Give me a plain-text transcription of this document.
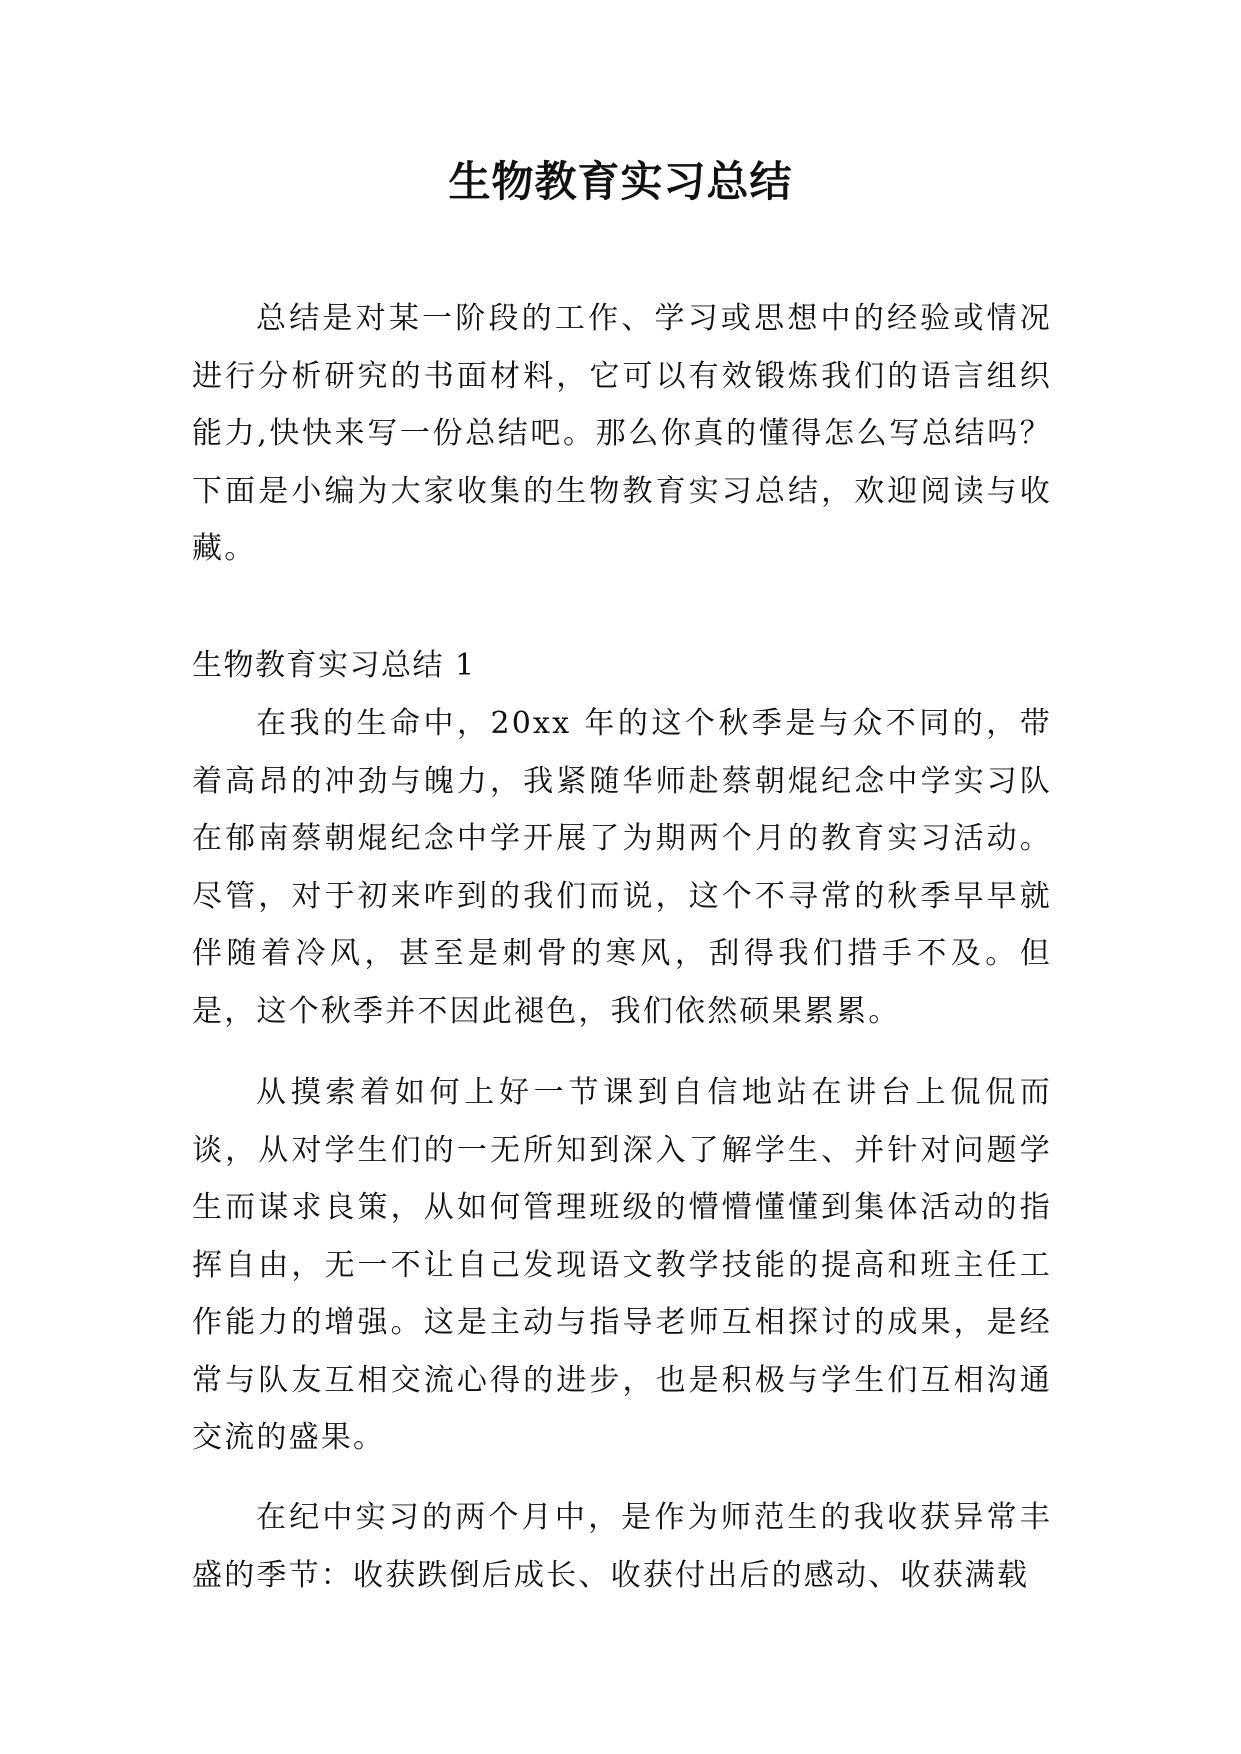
生物教育实习总结

总结是对某一阶段的工作、学习或思想中的经验或情况进行分析研究的书面材料，它可以有效锻炼我们的语言组织能力,快快来写一份总结吧。那么你真的懂得怎么写总结吗？下面是小编为大家收集的生物教育实习总结，欢迎阅读与收藏。

生物教育实习总结 1

在我的生命中，20xx 年的这个秋季是与众不同的，带着高昂的冲劲与魄力，我紧随华师赴蔡朝焜纪念中学实习队在郁南蔡朝焜纪念中学开展了为期两个月的教育实习活动。尽管，对于初来咋到的我们而说，这个不寻常的秋季早早就伴随着冷风，甚至是刺骨的寒风，刮得我们措手不及。但是，这个秋季并不因此褪色，我们依然硕果累累。

从摸索着如何上好一节课到自信地站在讲台上侃侃而谈，从对学生们的一无所知到深入了解学生、并针对问题学生而谋求良策，从如何管理班级的懵懵懂懂到集体活动的指挥自由，无一不让自己发现语文教学技能的提高和班主任工作能力的增强。这是主动与指导老师互相探讨的成果，是经常与队友互相交流心得的进步，也是积极与学生们互相沟通交流的盛果。

在纪中实习的两个月中，是作为师范生的我收获异常丰盛的季节：收获跌倒后成长、收获付出后的感动、收获满载
